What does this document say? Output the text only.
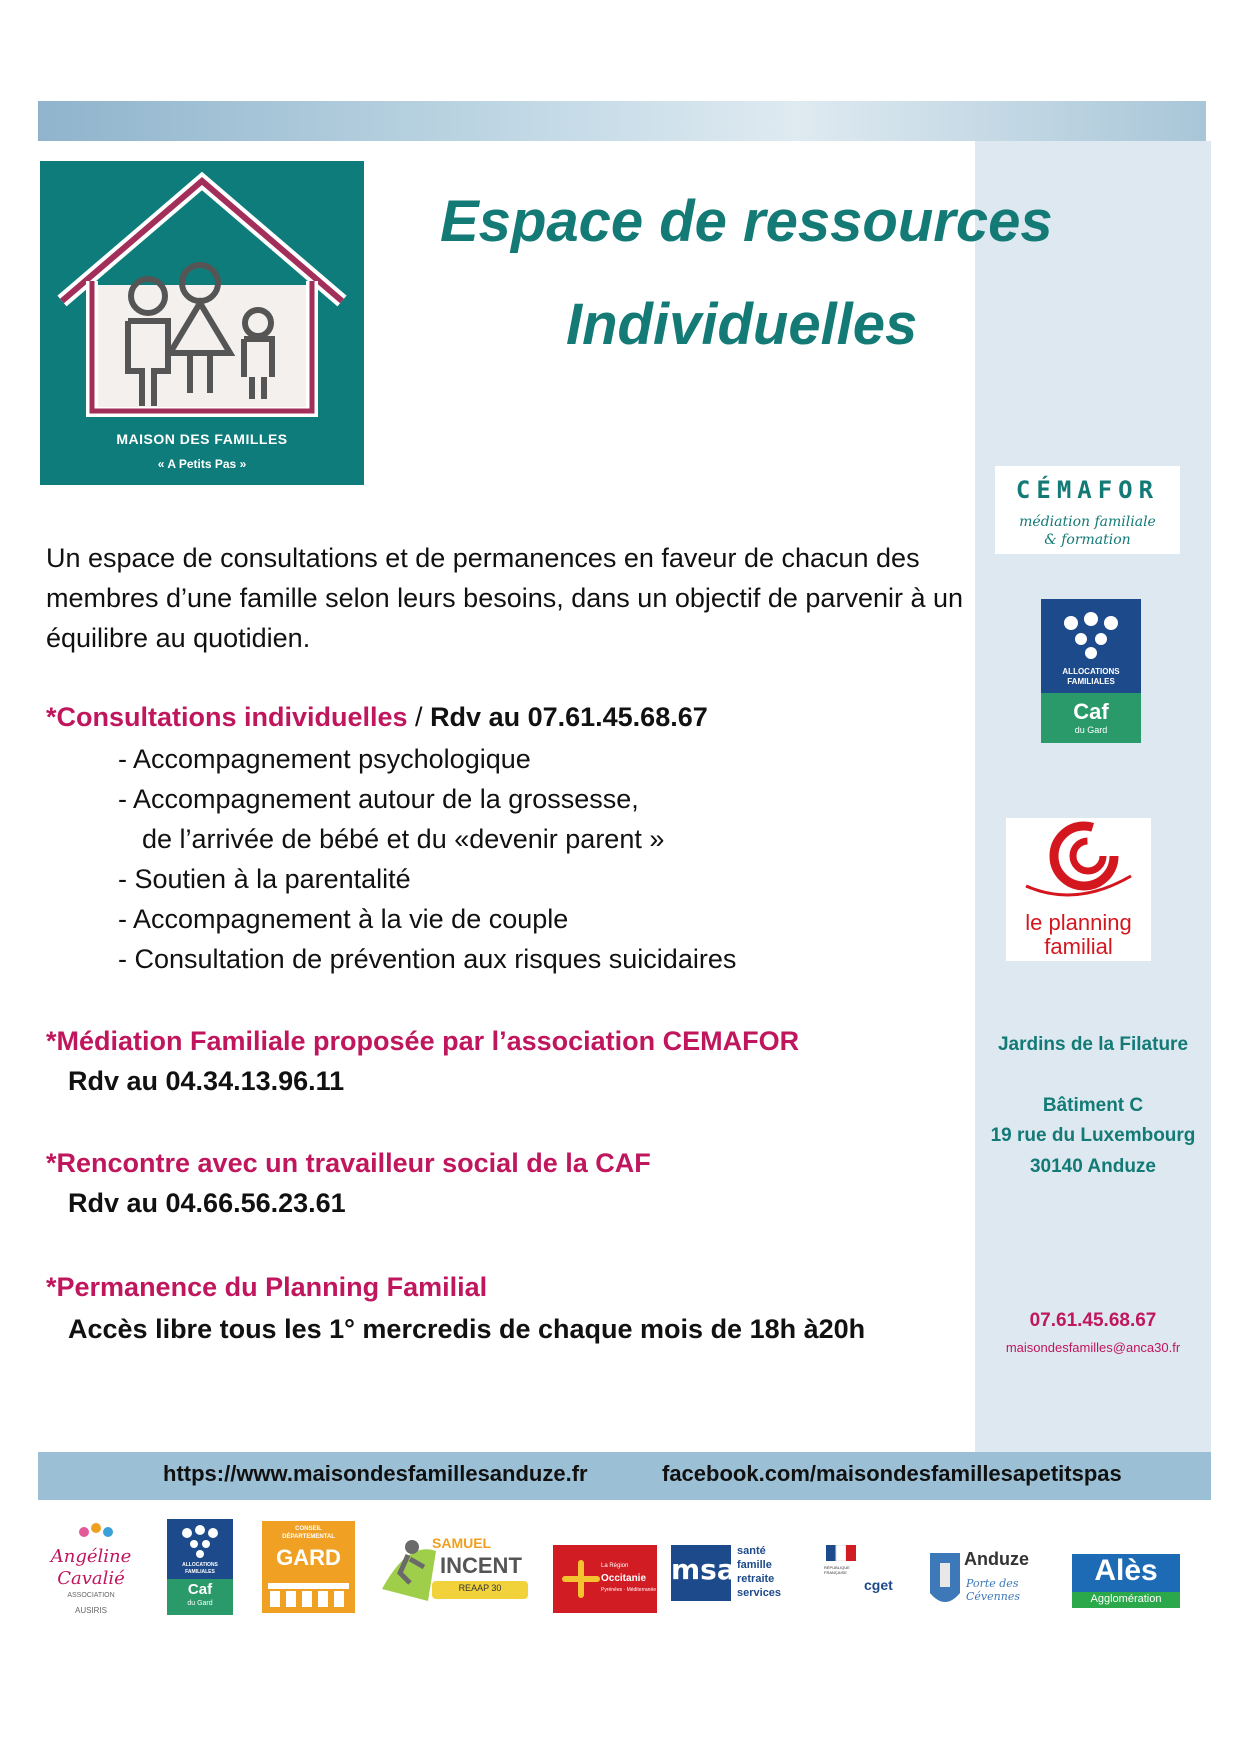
MAISON DES FAMILLES
« A Petits Pas »
Espace de ressources
Individuelles
Un espace de consultations et de permanences en faveur de chacun des membres d’une famille selon leurs besoins, dans un objectif de parvenir à un équilibre au quotidien.
*Consultations individuelles / Rdv au 07.61.45.68.67
- Accompagnement psychologique
- Accompagnement autour de la grossesse,
de l’arrivée de bébé et du «devenir parent »
- Soutien à la parentalité
- Accompagnement à la vie de couple
- Consultation de prévention aux risques suicidaires
*Médiation Familiale proposée par l’association CEMAFOR
Rdv au 04.34.13.96.11
*Rencontre avec un travailleur social de la CAF
Rdv au 04.66.56.23.61
*Permanence du Planning Familial
Accès libre tous les 1° mercredis de chaque mois de 18h à20h
CÉMAFOR
médiation familiale
& formation
ALLOCATIONS
FAMILIALES
Caf
du Gard
le planning
familial
Jardins de la Filature
Bâtiment C
19 rue du Luxembourg
30140 Anduze
07.61.45.68.67
maisondesfamilles@anca30.fr
https://www.maisondesfamillesanduze.fr	facebook.com/maisondesfamillesapetitspas
Angéline
Cavalié
ASSOCIATION
AUSIRIS
ALLOCATIONS
FAMILIALES
Caf
du Gard
CONSEIL
DÉPARTEMENTAL
GARD
SAMUEL
INCENT
REAAP 30
La Région
Occitanie
Pyrénées · Méditerranée
msa
santé
famille
retraite
services
RÉPUBLIQUE FRANÇAISE
cget
Anduze
Porte des Cévennes
Alès
Agglomération
